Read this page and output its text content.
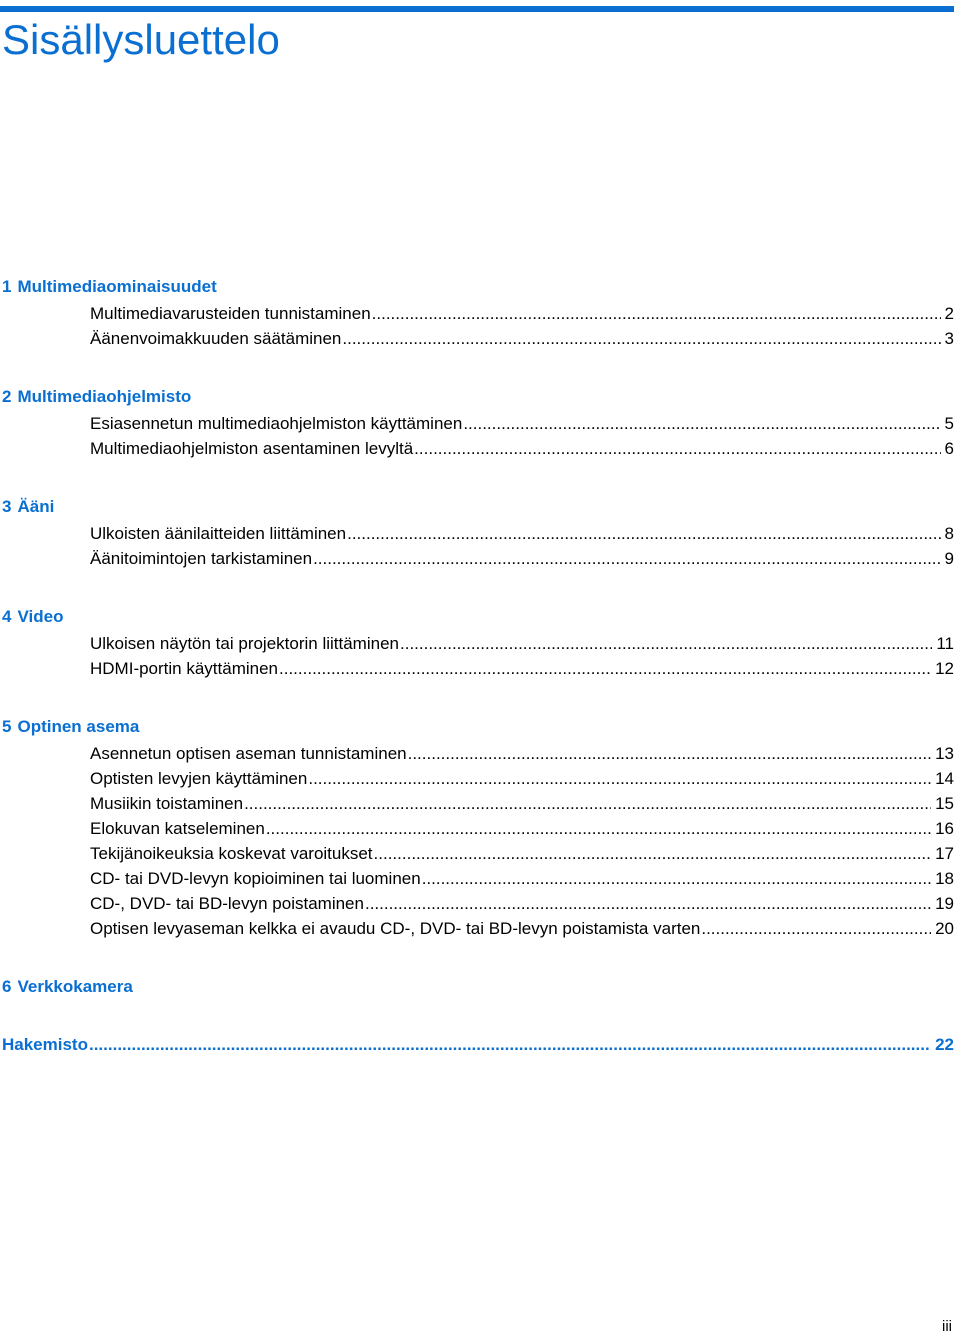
Sisällysluettelo
1 Multimediaominaisuudet
Multimediavarusteiden tunnistaminen .....	2
Äänenvoimakkuuden säätäminen .....	3
2 Multimediaohjelmisto
Esiasennetun multimediaohjelmiston käyttäminen .....	5
Multimediaohjelmiston asentaminen levyltä .....	6
3 Ääni
Ulkoisten äänilaitteiden liittäminen .....	8
Äänitoimintojen tarkistaminen .....	9
4 Video
Ulkoisen näytön tai projektorin liittäminen .....	11
HDMI-portin käyttäminen .....	12
5 Optinen asema
Asennetun optisen aseman tunnistaminen .....	13
Optisten levyjen käyttäminen .....	14
Musiikin toistaminen .....	15
Elokuvan katseleminen .....	16
Tekijänoikeuksia koskevat varoitukset .....	17
CD- tai DVD-levyn kopioiminen tai luominen .....	18
CD-, DVD- tai BD-levyn poistaminen .....	19
Optisen levyaseman kelkka ei avaudu CD-, DVD- tai BD-levyn poistamista varten .....	20
6 Verkkokamera
Hakemisto .....	22
iii
